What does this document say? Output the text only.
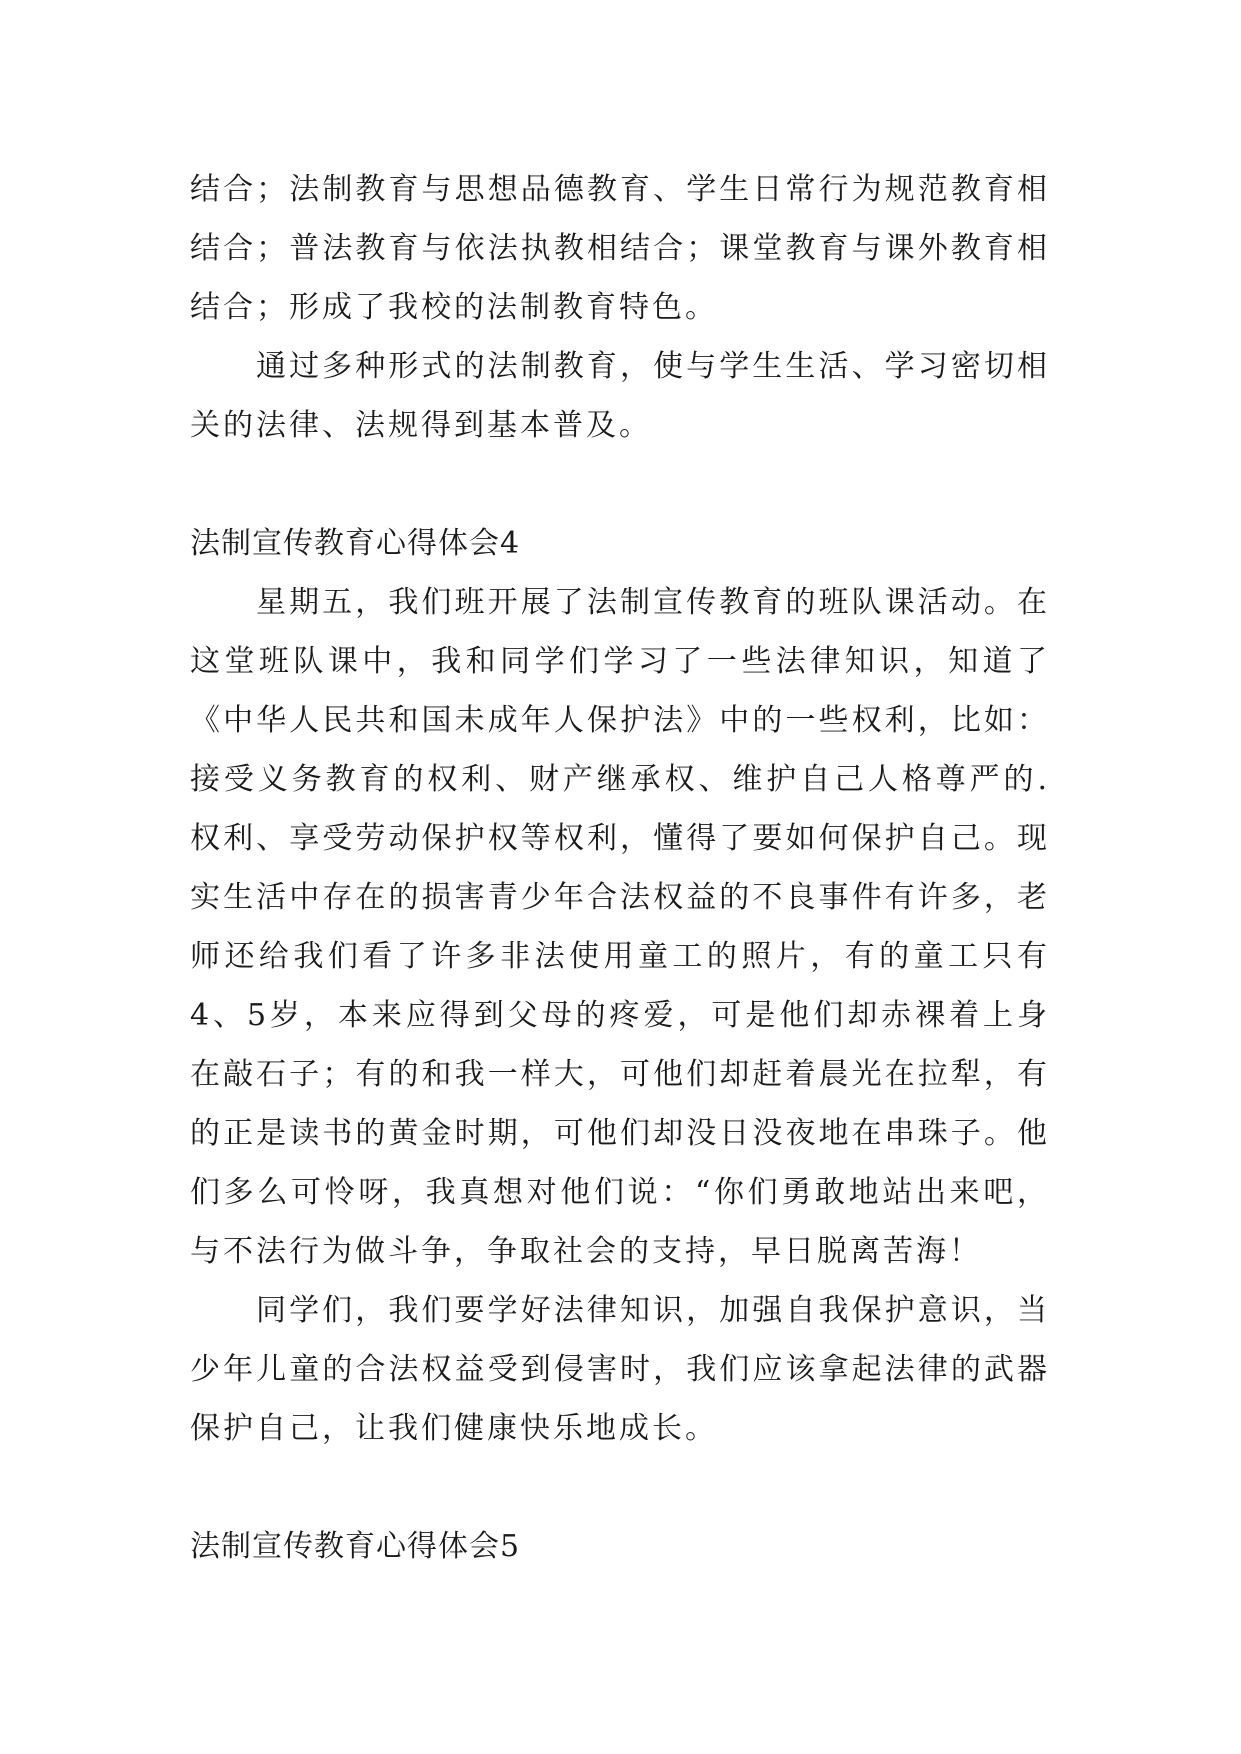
结合；法制教育与思想品德教育、学生日常行为规范教育相结合；普法教育与依法执教相结合；课堂教育与课外教育相结合；形成了我校的法制教育特色。

通过多种形式的法制教育，使与学生生活、学习密切相关的法律、法规得到基本普及。

法制宣传教育心得体会4

星期五，我们班开展了法制宣传教育的班队课活动。在这堂班队课中，我和同学们学习了一些法律知识，知道了《中华人民共和国未成年人保护法》中的一些权利，比如：接受义务教育的权利、财产继承权、维护自己人格尊严的.权利、享受劳动保护权等权利，懂得了要如何保护自己。现实生活中存在的损害青少年合法权益的不良事件有许多，老师还给我们看了许多非法使用童工的照片，有的童工只有4、5岁，本来应得到父母的疼爱，可是他们却赤裸着上身在敲石子；有的和我一样大，可他们却赶着晨光在拉犁，有的正是读书的黄金时期，可他们却没日没夜地在串珠子。他们多么可怜呀，我真想对他们说：“你们勇敢地站出来吧，与不法行为做斗争，争取社会的支持，早日脱离苦海！

同学们，我们要学好法律知识，加强自我保护意识，当少年儿童的合法权益受到侵害时，我们应该拿起法律的武器保护自己，让我们健康快乐地成长。

法制宣传教育心得体会5
